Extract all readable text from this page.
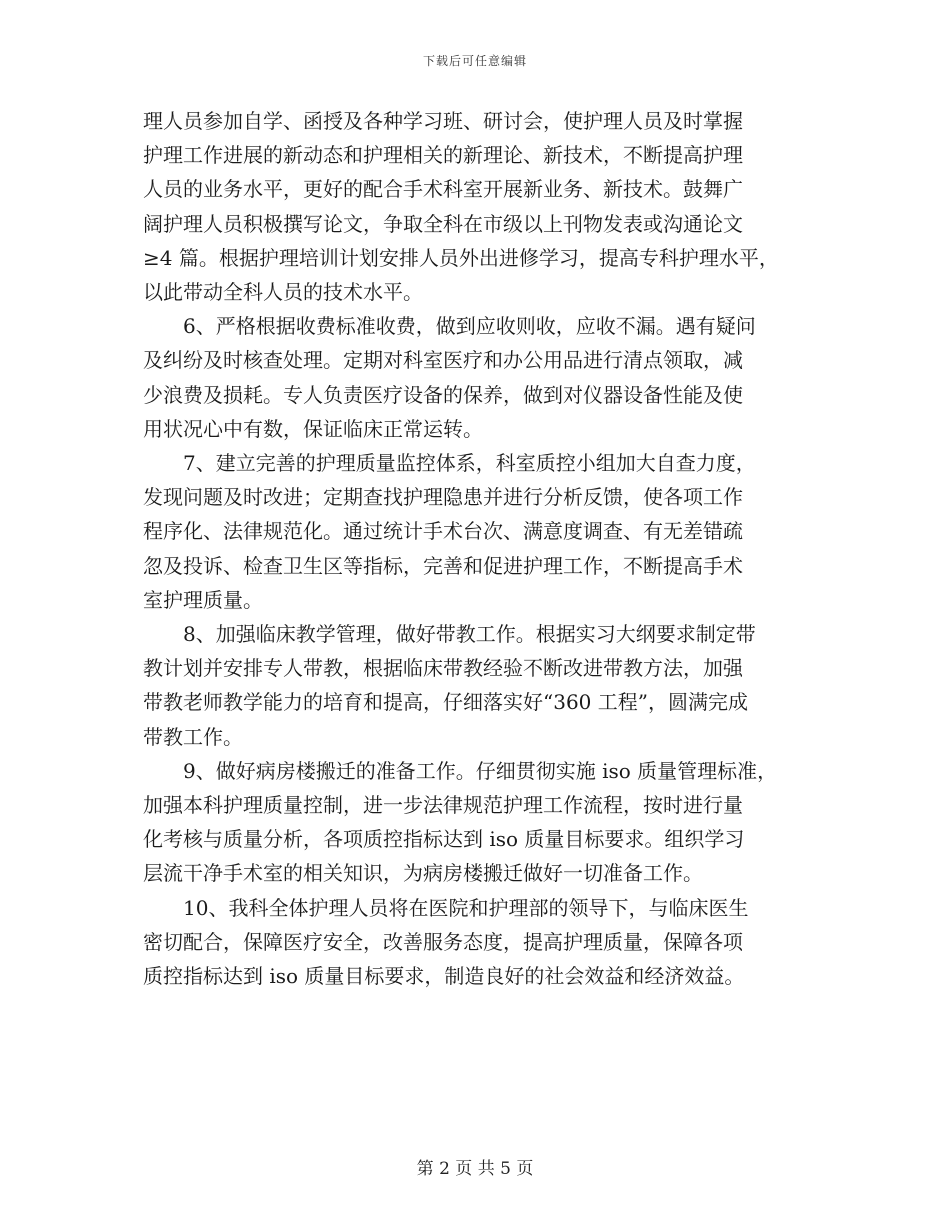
下载后可任意编辑

理人员参加自学、函授及各种学习班、研讨会，使护理人员及时掌握
护理工作进展的新动态和护理相关的新理论、新技术，不断提高护理
人员的业务水平，更好的配合手术科室开展新业务、新技术。鼓舞广
阔护理人员积极撰写论文，争取全科在市级以上刊物发表或沟通论文
≥4 篇。根据护理培训计划安排人员外出进修学习，提高专科护理水平，
以此带动全科人员的技术水平。

　　6、严格根据收费标准收费，做到应收则收，应收不漏。遇有疑问
及纠纷及时核查处理。定期对科室医疗和办公用品进行清点领取，减
少浪费及损耗。专人负责医疗设备的保养，做到对仪器设备性能及使
用状况心中有数，保证临床正常运转。

　　7、建立完善的护理质量监控体系，科室质控小组加大自查力度，
发现问题及时改进；定期查找护理隐患并进行分析反馈，使各项工作
程序化、法律规范化。通过统计手术台次、满意度调查、有无差错疏
忽及投诉、检查卫生区等指标，完善和促进护理工作，不断提高手术
室护理质量。

　　8、加强临床教学管理，做好带教工作。根据实习大纲要求制定带
教计划并安排专人带教，根据临床带教经验不断改进带教方法，加强
带教老师教学能力的培育和提高，仔细落实好“360 工程”，圆满完成
带教工作。

　　9、做好病房楼搬迁的准备工作。仔细贯彻实施 iso 质量管理标准，
加强本科护理质量控制，进一步法律规范护理工作流程，按时进行量
化考核与质量分析，各项质控指标达到 iso 质量目标要求。组织学习
层流干净手术室的相关知识，为病房楼搬迁做好一切准备工作。

　　10、我科全体护理人员将在医院和护理部的领导下，与临床医生
密切配合，保障医疗安全，改善服务态度，提高护理质量，保障各项
质控指标达到 iso 质量目标要求，制造良好的社会效益和经济效益。

第 2 页 共 5 页
